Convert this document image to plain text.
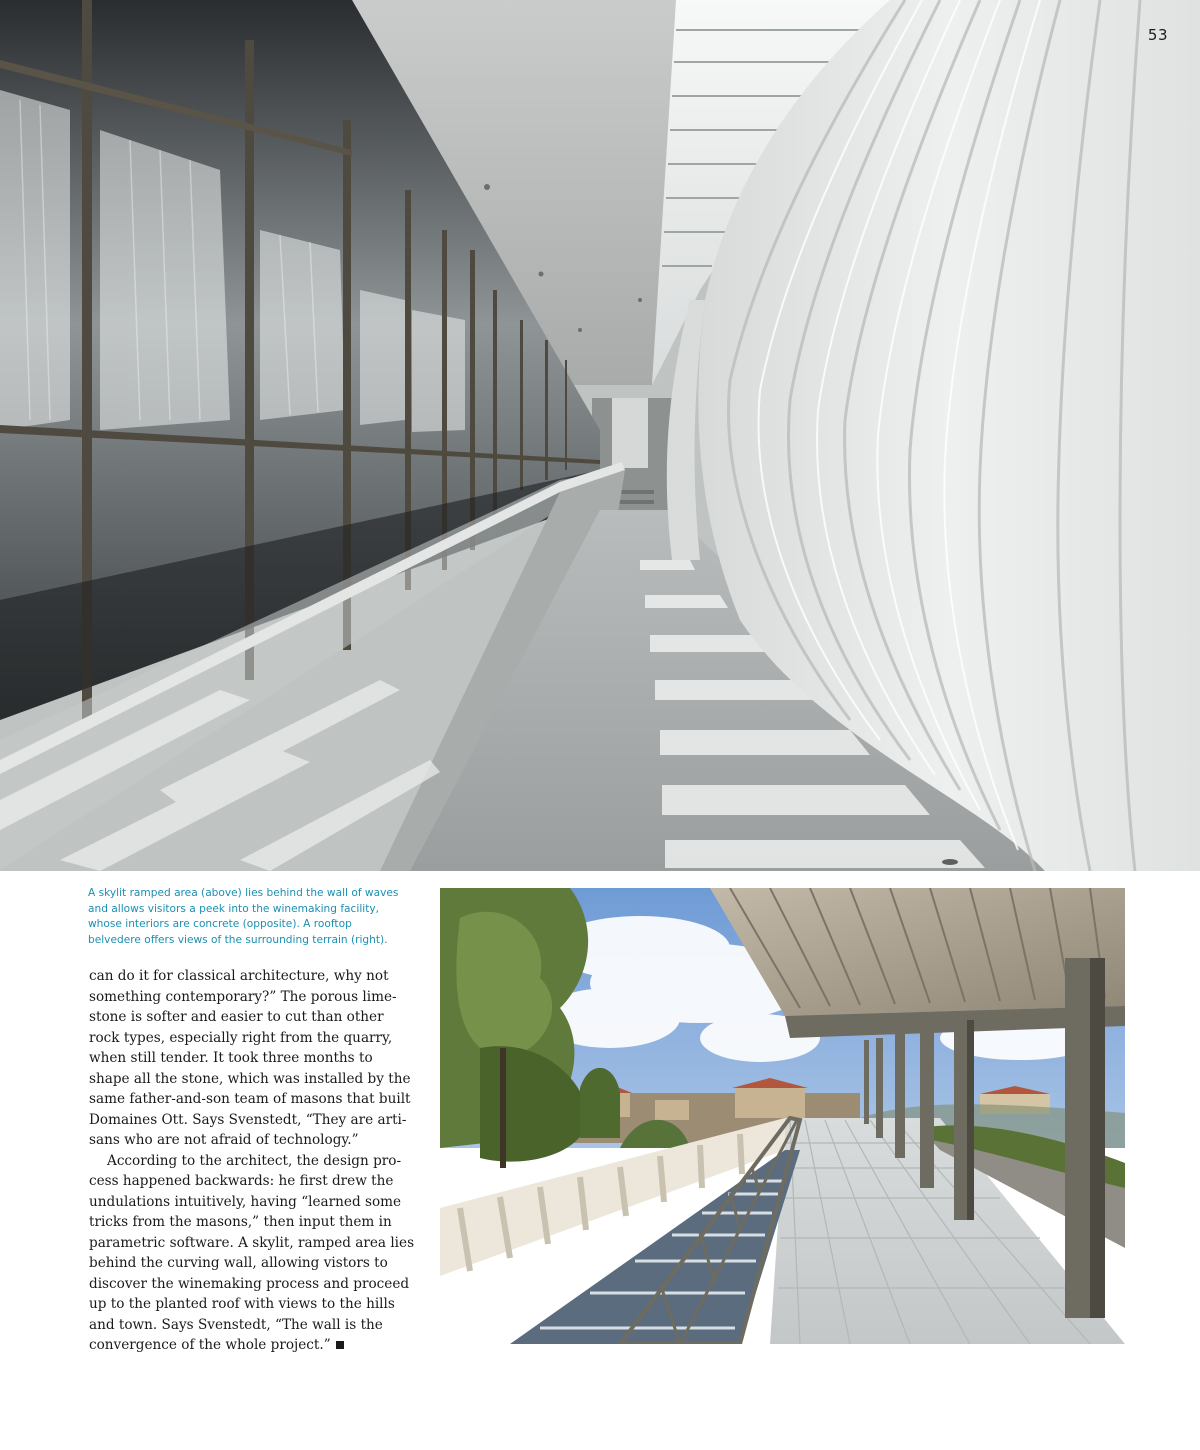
53

A skylit ramped area (above) lies behind the wall of waves
and allows visitors a peek into the winemaking facility,
whose interiors are concrete (opposite). A rooftop
belvedere offers views of the surrounding terrain (right).

can do it for classical architecture, why not
something contemporary?” The porous lime-
stone is softer and easier to cut than other
rock types, especially right from the quarry,
when still tender. It took three months to
shape all the stone, which was installed by the
same father-and-son team of masons that built
Domaines Ott. Says Svenstedt, “They are arti-
sans who are not afraid of technology.”
According to the architect, the design pro-
cess happened backwards: he first drew the
undulations intuitively, having “learned some
tricks from the masons,” then input them in
parametric software. A skylit, ramped area lies
behind the curving wall, allowing vistors to
discover the winemaking process and proceed
up to the planted roof with views to the hills
and town. Says Svenstedt, “The wall is the
convergence of the whole project.”
